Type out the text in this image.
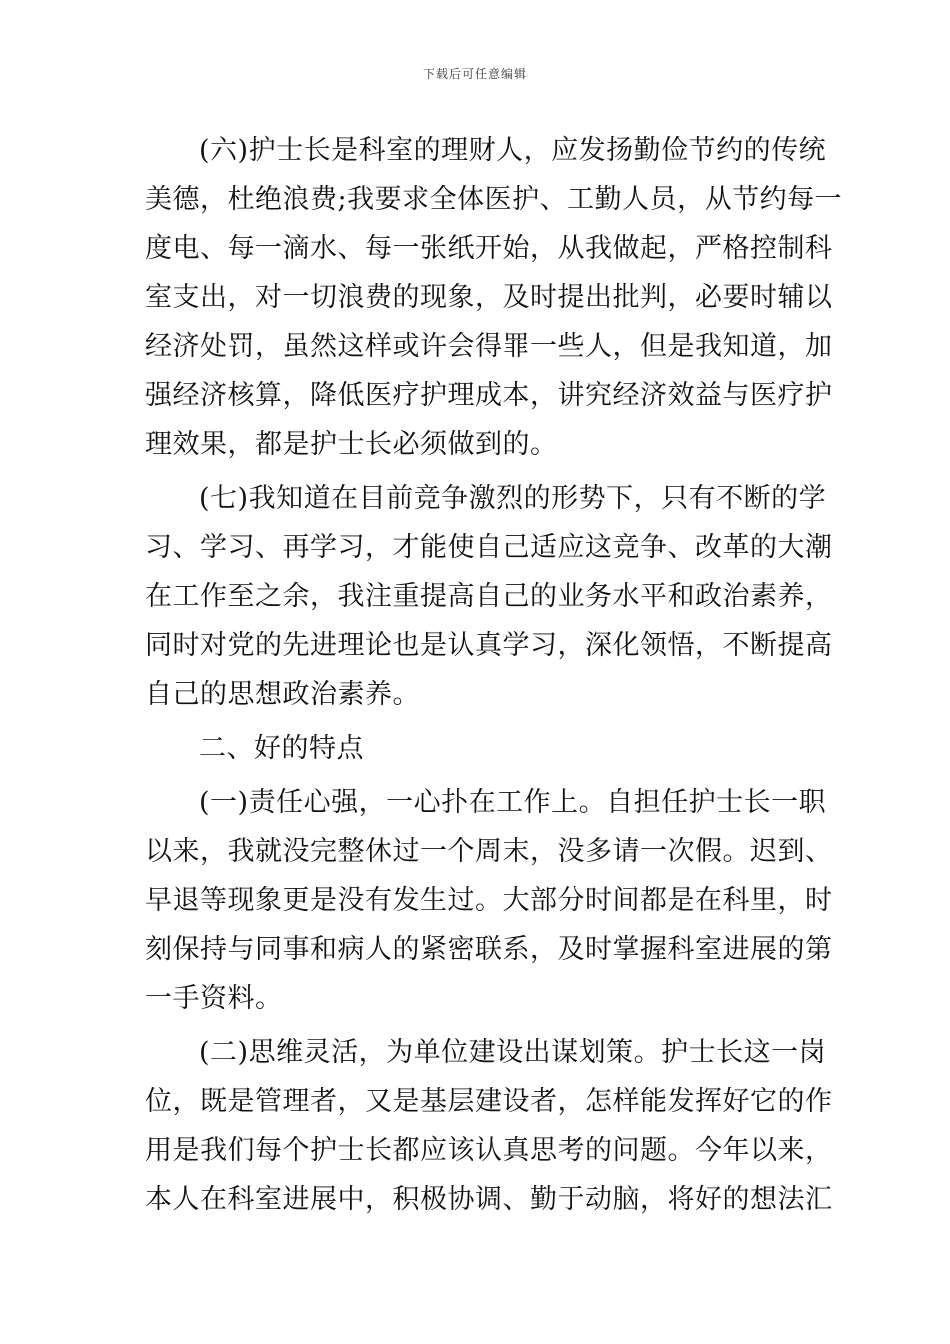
下载后可任意编辑
(六)护士长是科室的理财人，应发扬勤俭节约的传统
美德，杜绝浪费;我要求全体医护、工勤人员，从节约每一
度电、每一滴水、每一张纸开始，从我做起，严格控制科
室支出，对一切浪费的现象，及时提出批判，必要时辅以
经济处罚，虽然这样或许会得罪一些人，但是我知道，加
强经济核算，降低医疗护理成本，讲究经济效益与医疗护
理效果，都是护士长必须做到的。
(七)我知道在目前竞争激烈的形势下，只有不断的学
习、学习、再学习，才能使自己适应这竞争、改革的大潮
在工作至之余，我注重提高自己的业务水平和政治素养，
同时对党的先进理论也是认真学习，深化领悟，不断提高
自己的思想政治素养。
二、好的特点
(一)责任心强，一心扑在工作上。自担任护士长一职
以来，我就没完整休过一个周末，没多请一次假。迟到、
早退等现象更是没有发生过。大部分时间都是在科里，时
刻保持与同事和病人的紧密联系，及时掌握科室进展的第
一手资料。
(二)思维灵活，为单位建设出谋划策。护士长这一岗
位，既是管理者，又是基层建设者，怎样能发挥好它的作
用是我们每个护士长都应该认真思考的问题。今年以来，
本人在科室进展中，积极协调、勤于动脑，将好的想法汇
